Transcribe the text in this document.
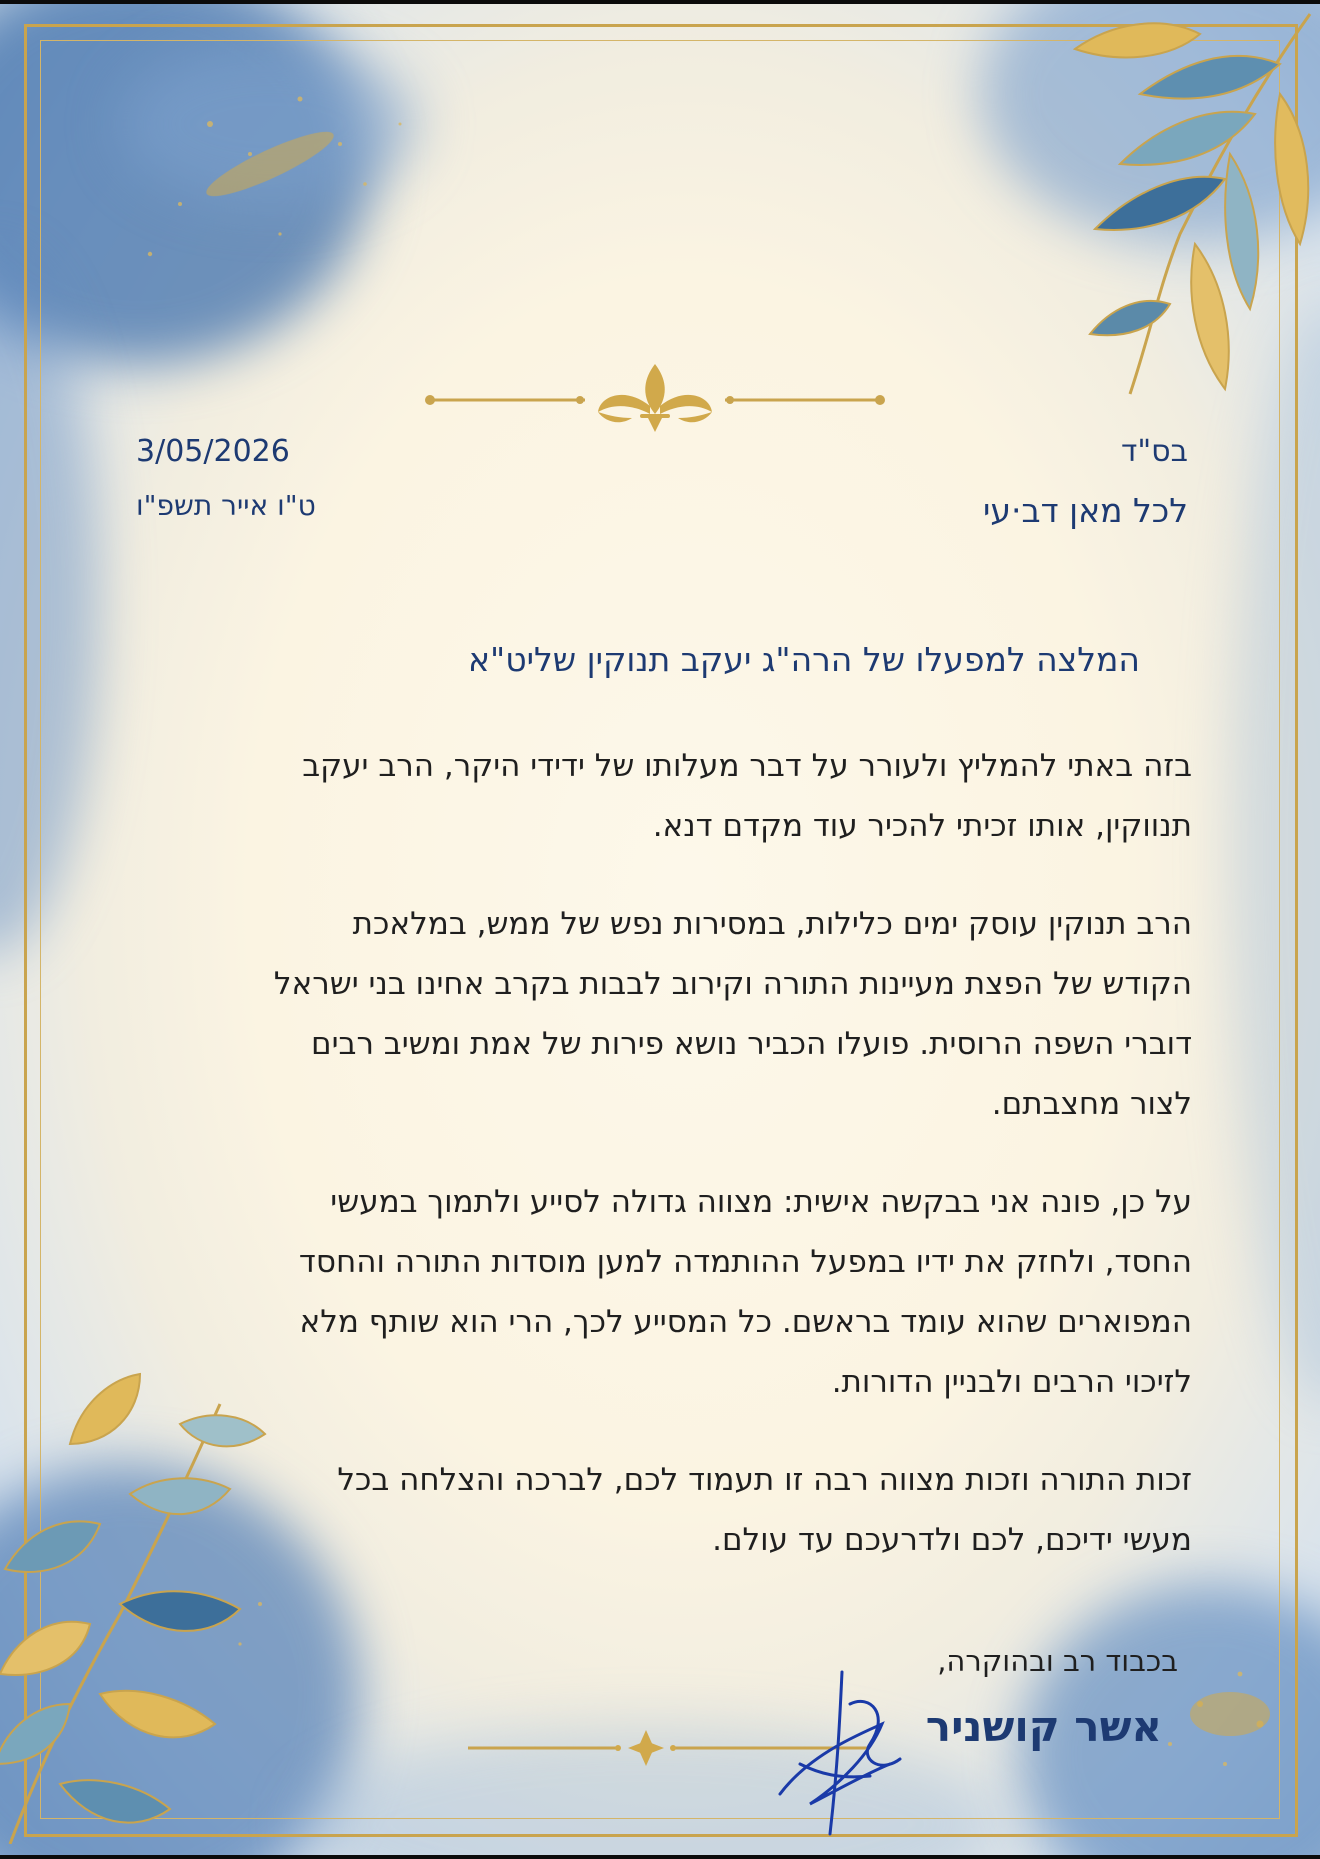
בס"ד
לכל מאן דב·עי
3/05/2026
ט"ו אייר תשפ"ו
המלצה למפעלו של הרה"ג יעקב תנוקין שליט"א

בזה באתי להמליץ ולעורר על דבר מעלותו של ידידי היקר, הרב יעקב
תנווקין, אותו זכיתי להכיר עוד מקדם דנא.

הרב תנוקין עוסק ימים כלילות, במסירות נפש של ממש, במלאכת
הקודש של הפצת מעיינות התורה וקירוב לבבות בקרב אחינו בני ישראל
דוברי השפה הרוסית. פועלו הכביר נושא פירות של אמת ומשיב רבים
לצור מחצבתם.

על כן, פונה אני בבקשה אישית: מצווה גדולה לסייע ולתמוך במעשי
החסד, ולחזק את ידיו במפעל ההותמדה למען מוסדות התורה והחסד
המפוארים שהוא עומד בראשם. כל המסייע לכך, הרי הוא שותף מלא
לזיכוי הרבים ולבניין הדורות.

זכות התורה וזכות מצווה רבה זו תעמוד לכם, לברכה והצלחה בכל
מעשי ידיכם, לכם ולדרעכם עד עולם.

בכבוד רב ובהוקרה,
אשר קושניר
